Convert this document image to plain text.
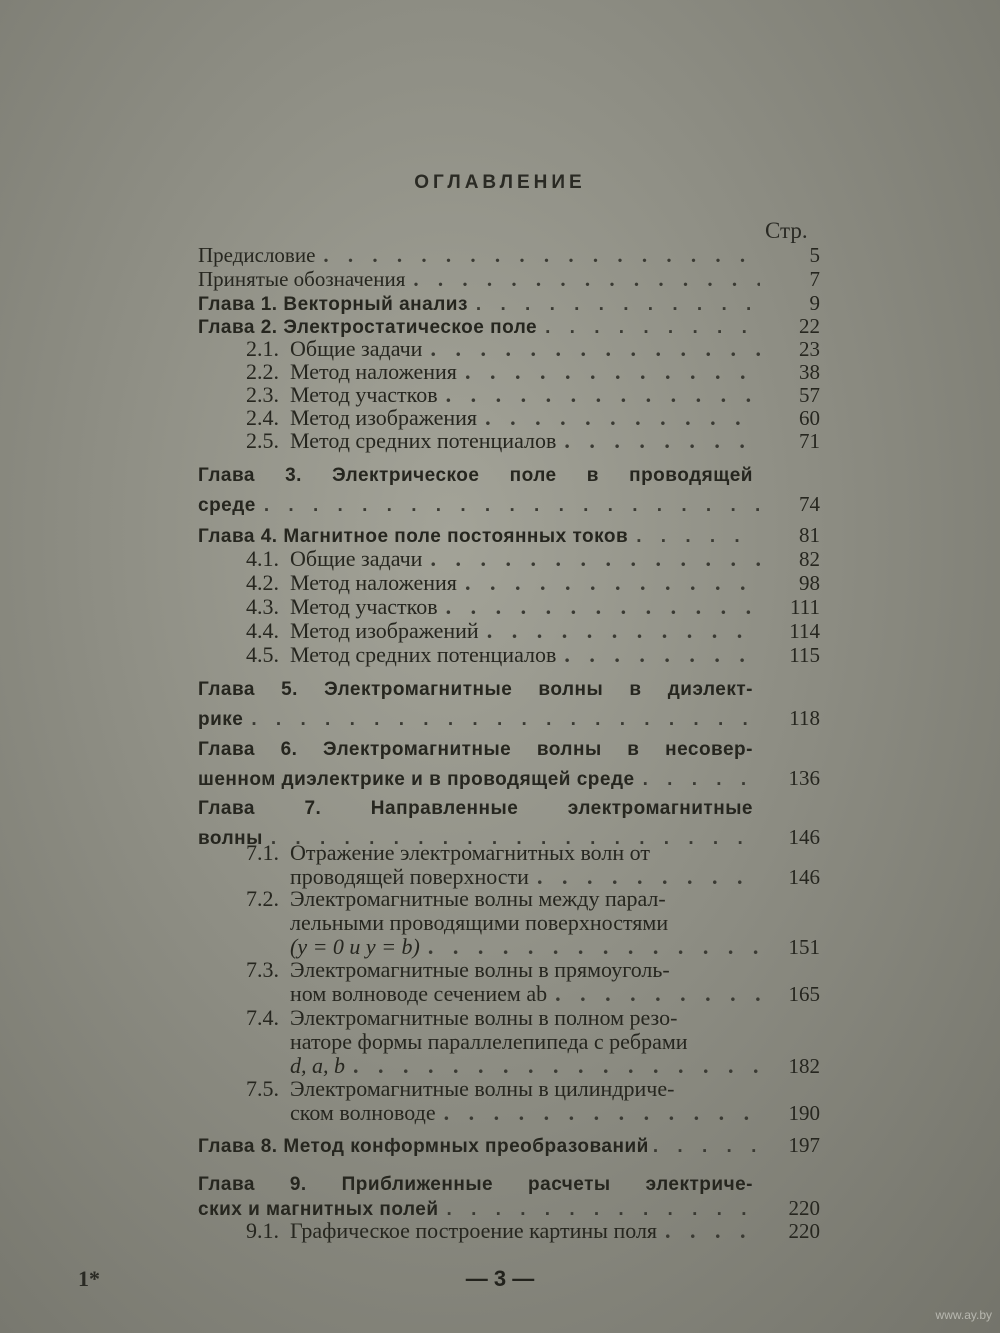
ОГЛАВЛЕНИЕ
Стр.
Предисловие . . .	5
Принятые обозначения . . .	7
Глава 1. Векторный анализ . . .	9
Глава 2. Электростатическое поле . . .	22
2.1. Общие задачи . . .	23
2.2. Метод наложения . . .	38
2.3. Метод участков . . .	57
2.4. Метод изображения . . .	60
2.5. Метод средних потенциалов . . .	71
Глава 3. Электрическое поле в проводящей
среде . . .	74
Глава 4. Магнитное поле постоянных токов . . .	81
4.1. Общие задачи . . .	82
4.2. Метод наложения . . .	98
4.3. Метод участков . . .	111
4.4. Метод изображений . . .	114
4.5. Метод средних потенциалов . . .	115
Глава 5. Электромагнитные волны в диэлект-
рике . . .	118
Глава 6. Электромагнитные волны в несовер-
шенном диэлектрике и в проводящей среде . . .	136
Глава 7. Направленные электромагнитные
волны . . .	146
7.1. Отражение электромагнитных волн от
проводящей поверхности . . .	146
7.2. Электромагнитные волны между парал-
лельными проводящими поверхностями
(y = 0 и y = b) . . .	151
7.3. Электромагнитные волны в прямоуголь-
ном волноводе сечением ab . . .	165
7.4. Электромагнитные волны в полном резо-
наторе формы параллелепипеда с ребрами
d, a, b . . .	182
7.5. Электромагнитные волны в цилиндриче-
ском волноводе . . .	190
Глава 8. Метод конформных преобразований . . .	197
Глава 9. Приближенные расчеты электриче-
ских и магнитных полей . . .	220
9.1. Графическое построение картины поля . . .	220
1*	— 3 —
www.ay.by
